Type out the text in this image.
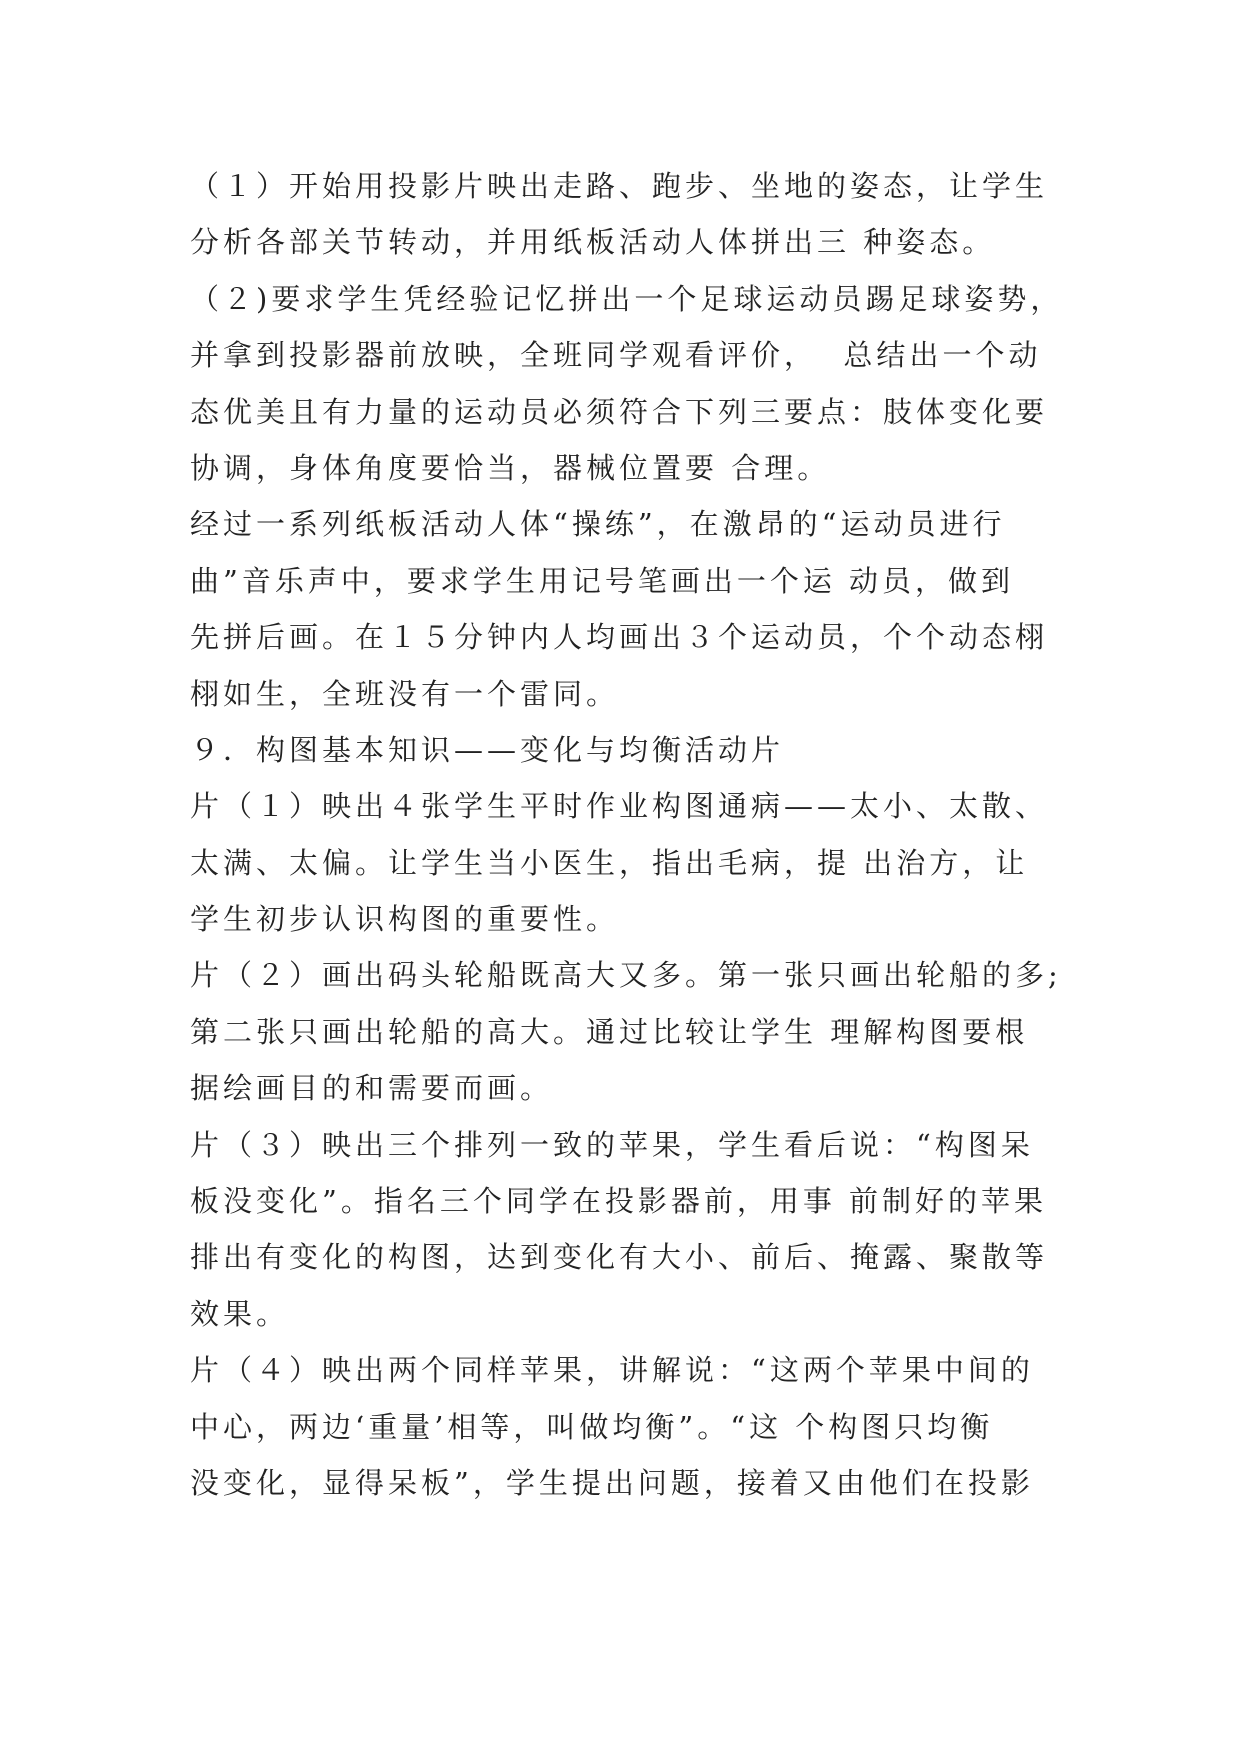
（１）开始用投影片映出走路、跑步、坐地的姿态，让学生
分析各部关节转动，并用纸板活动人体拼出三 种姿态。
（２)要求学生凭经验记忆拼出一个足球运动员踢足球姿势，
并拿到投影器前放映，全班同学观看评价，  总结出一个动
态优美且有力量的运动员必须符合下列三要点：肢体变化要
协调，身体角度要恰当，器械位置要 合理。
经过一系列纸板活动人体“操练”，在激昂的“运动员进行
曲”音乐声中，要求学生用记号笔画出一个运 动员，做到
先拼后画。在１５分钟内人均画出３个运动员，个个动态栩
栩如生，全班没有一个雷同。
９．构图基本知识——变化与均衡活动片
片（１）映出４张学生平时作业构图通病——太小、太散、
太满、太偏。让学生当小医生，指出毛病，提 出治方，让
学生初步认识构图的重要性。
片（２）画出码头轮船既高大又多。第一张只画出轮船的多;
第二张只画出轮船的高大。通过比较让学生 理解构图要根
据绘画目的和需要而画。
片（３）映出三个排列一致的苹果，学生看后说：“构图呆
板没变化”。指名三个同学在投影器前，用事 前制好的苹果
排出有变化的构图，达到变化有大小、前后、掩露、聚散等
效果。
片（４）映出两个同样苹果，讲解说：“这两个苹果中间的
中心，两边‘重量’相等，叫做均衡”。“这 个构图只均衡
没变化，显得呆板”，学生提出问题，接着又由他们在投影
